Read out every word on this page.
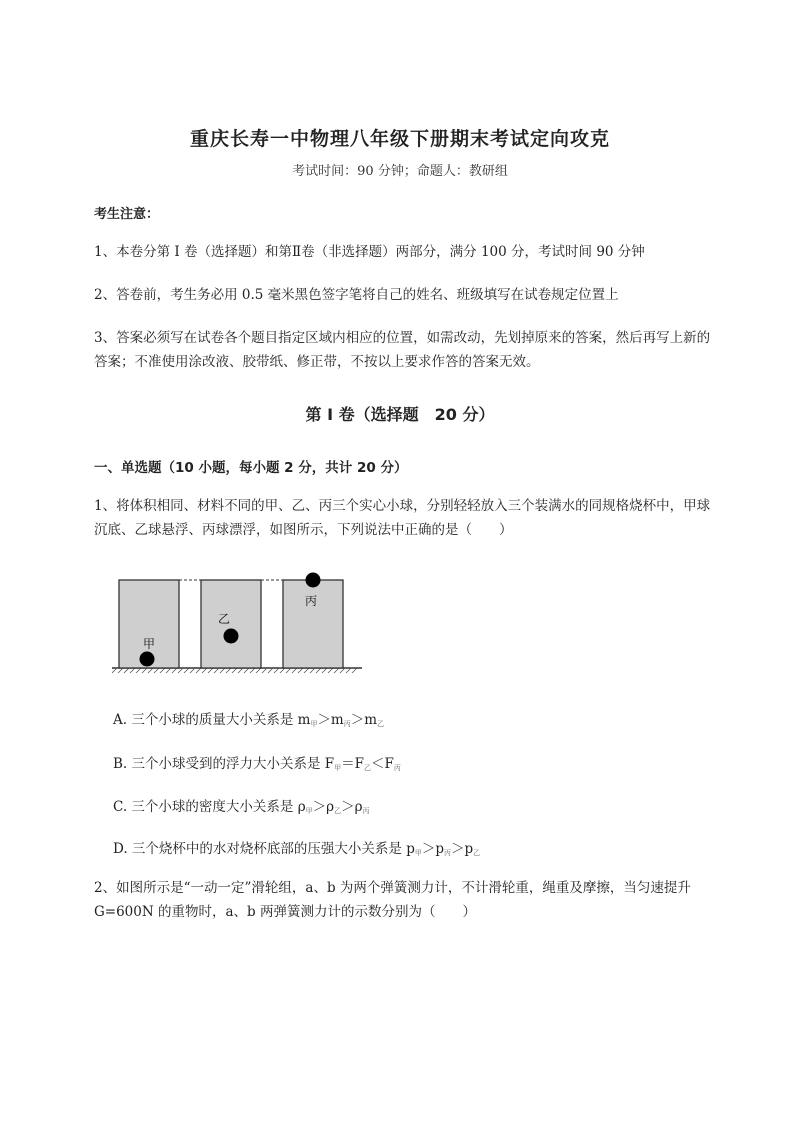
重庆长寿一中物理八年级下册期末考试定向攻克
考试时间：90 分钟；命题人：教研组
考生注意：
1、本卷分第 I 卷（选择题）和第Ⅱ卷（非选择题）两部分，满分 100 分，考试时间 90 分钟
2、答卷前，考生务必用 0.5 毫米黑色签字笔将自己的姓名、班级填写在试卷规定位置上
3、答案必须写在试卷各个题目指定区域内相应的位置，如需改动，先划掉原来的答案，然后再写上新的答案；不准使用涂改液、胶带纸、修正带，不按以上要求作答的答案无效。
第 I 卷（选择题　20 分）
一、单选题（10 小题，每小题 2 分，共计 20 分）
1、将体积相同、材料不同的甲、乙、丙三个实心小球，分别轻轻放入三个装满水的同规格烧杯中，甲球沉底、乙球悬浮、丙球漂浮，如图所示，下列说法中正确的是（　　）
甲
乙
丙
A. 三个小球的质量大小关系是 $m_甲>m_丙>m_乙$
B. 三个小球受到的浮力大小关系是 $F_甲=F_乙<F_丙$
C. 三个小球的密度大小关系是 $\rho_甲>\rho_乙>\rho_丙$
D. 三个烧杯中的水对烧杯底部的压强大小关系是 $p_甲>p_丙>p_乙$
2、如图所示是“一动一定”滑轮组，a、b 为两个弹簧测力计，不计滑轮重，绳重及摩擦，当匀速提升 G=600N 的重物时，a、b 两弹簧测力计的示数分别为（　　）
